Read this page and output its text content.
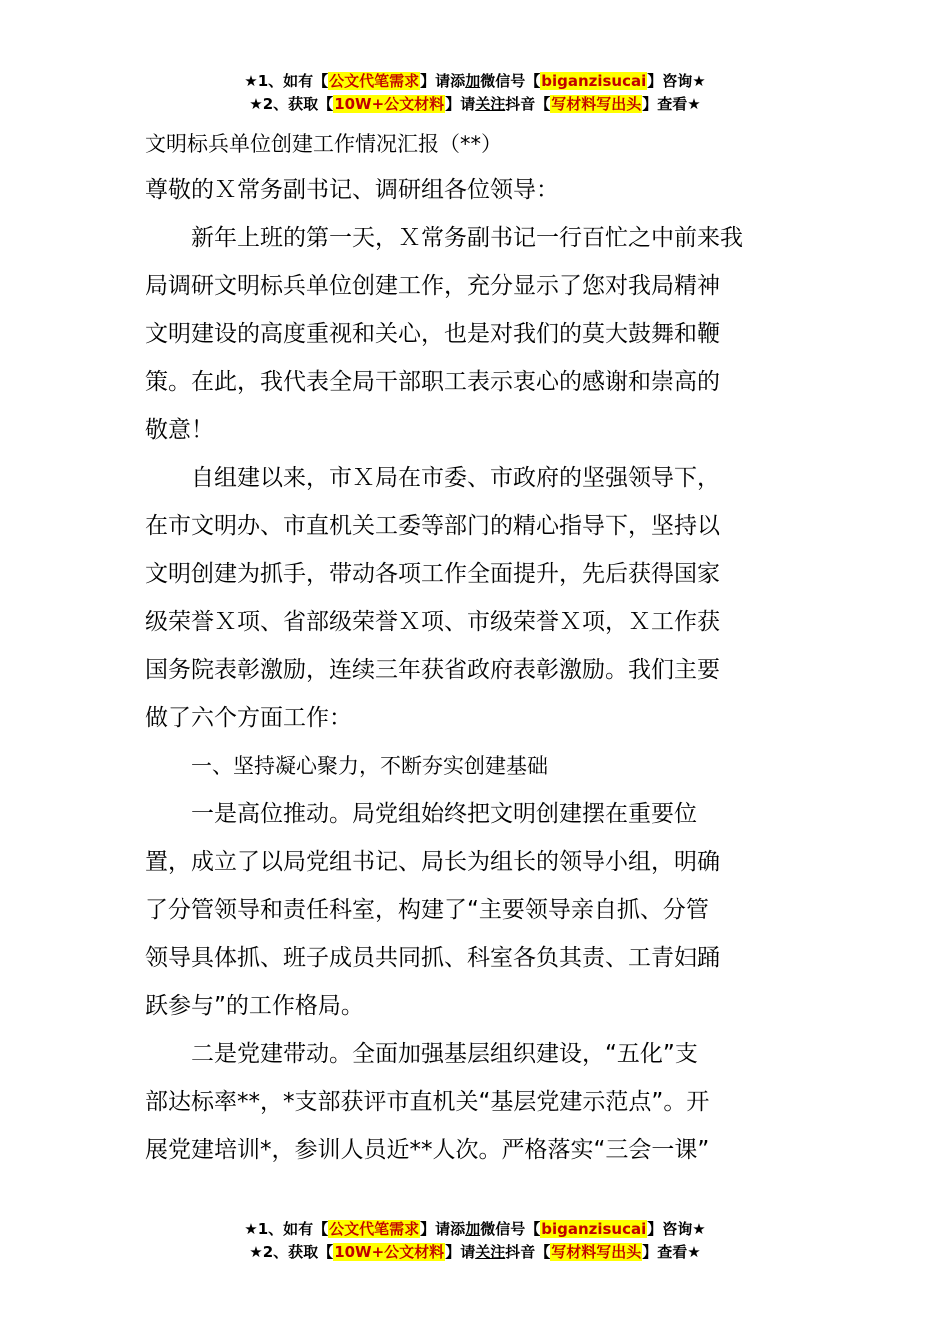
★1、如有【公文代笔需求】请添加微信号【biganzisucai】咨询★
★2、获取【10W+公文材料】请关注抖音【写材料写出头】查看★
文明标兵单位创建工作情况汇报（**）
尊敬的Ｘ常务副书记、调研组各位领导：
新年上班的第一天，Ｘ常务副书记一行百忙之中前来我
局调研文明标兵单位创建工作，充分显示了您对我局精神
文明建设的高度重视和关心，也是对我们的莫大鼓舞和鞭
策。在此，我代表全局干部职工表示衷心的感谢和崇高的
敬意！
自组建以来，市Ｘ局在市委、市政府的坚强领导下，
在市文明办、市直机关工委等部门的精心指导下，坚持以
文明创建为抓手，带动各项工作全面提升，先后获得国家
级荣誉Ｘ项、省部级荣誉Ｘ项、市级荣誉Ｘ项，Ｘ工作获
国务院表彰激励，连续三年获省政府表彰激励。我们主要
做了六个方面工作：
一、坚持凝心聚力，不断夯实创建基础
一是高位推动。局党组始终把文明创建摆在重要位
置，成立了以局党组书记、局长为组长的领导小组，明确
了分管领导和责任科室，构建了“主要领导亲自抓、分管
领导具体抓、班子成员共同抓、科室各负其责、工青妇踊
跃参与”的工作格局。
二是党建带动。全面加强基层组织建设，“五化”支
部达标率**，*支部获评市直机关“基层党建示范点”。开
展党建培训*，参训人员近**人次。严格落实“三会一课”
★1、如有【公文代笔需求】请添加微信号【biganzisucai】咨询★
★2、获取【10W+公文材料】请关注抖音【写材料写出头】查看★
